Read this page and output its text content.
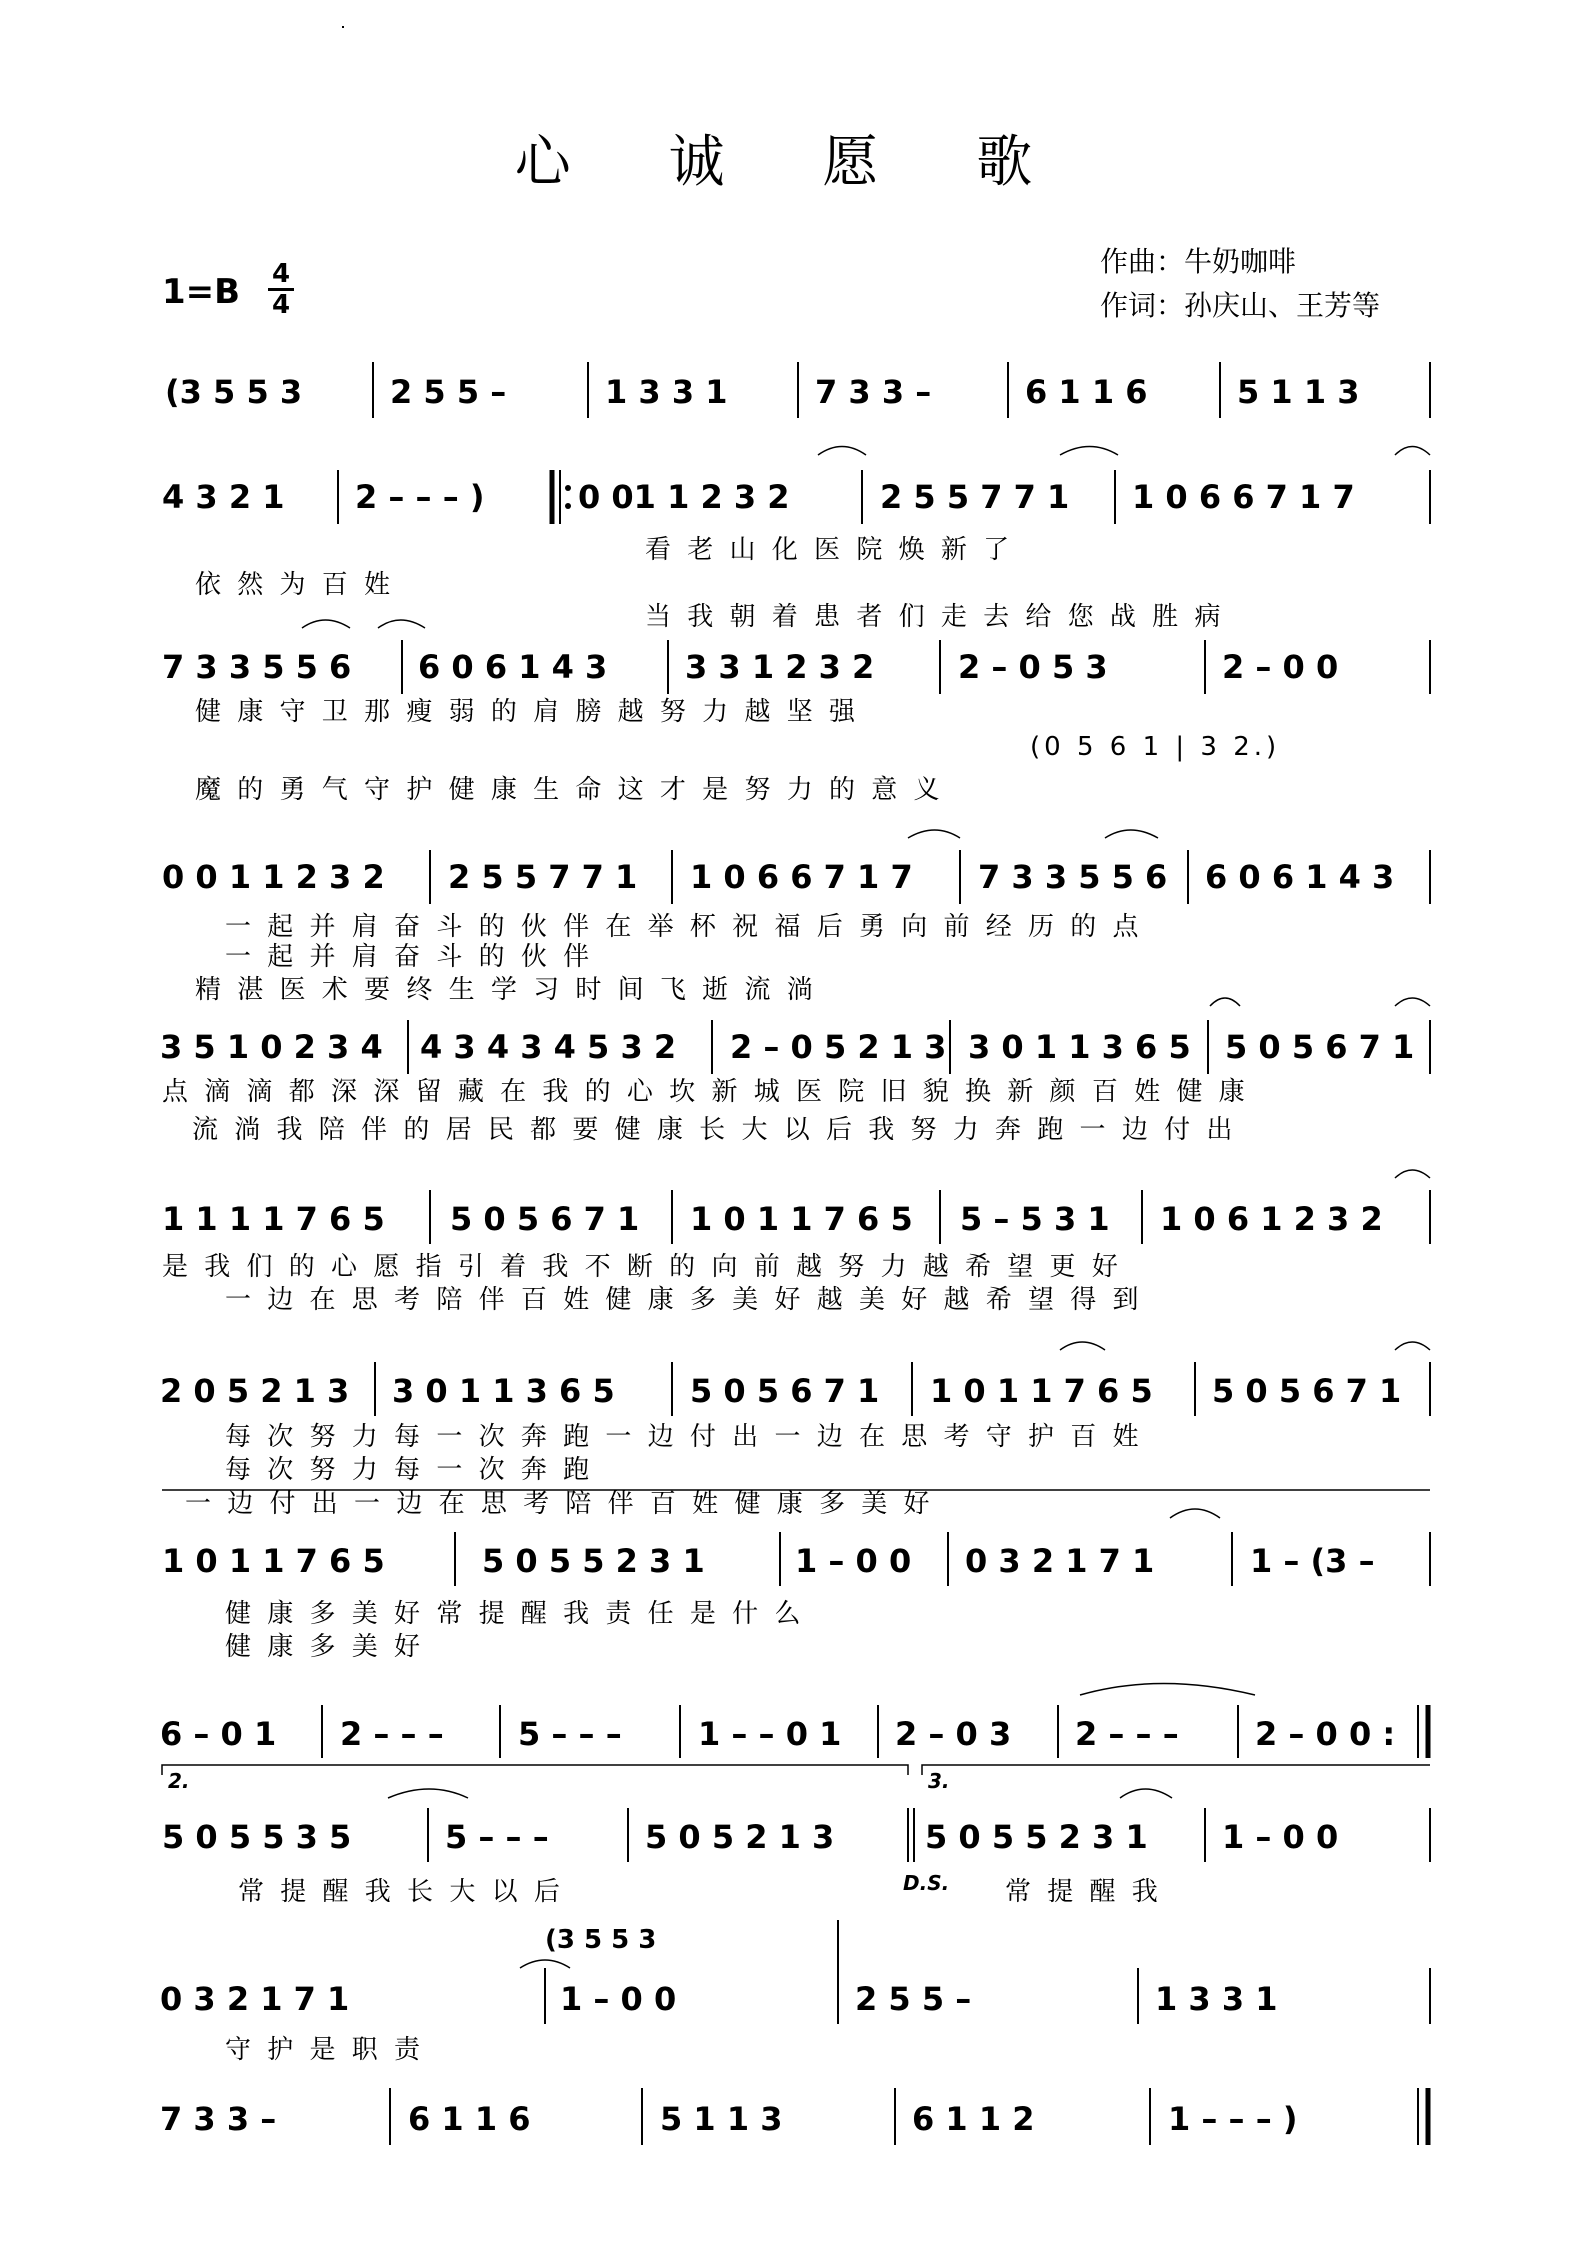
心 诚 愿 歌
1=B 4
4
作曲：牛奶咖啡
作词：孙庆山、王芳等
(3 5 5 3	2 5 5 –	1 3 3 1	7 3 3 –	6 1 1 6	5 1 1 3
4 3 2 1 2 – – – )	0 01 1 2 3 2	2 5 5 7 7 1 1 0 6 6 7 1 7
看 老 山 化 医 院 焕 新 了
依 然 为 百 姓
当 我 朝 着 患 者 们 走 去 给 您 战 胜 病
7 3 3 5 5 6 6 0 6 1 4 3 3 3 1 2 3 2	2 – 0 5 3	2 – 0 0
健 康 守 卫 那 瘦 弱 的 肩 膀 越 努 力 越 坚 强
(0 5 6 1 | 3 2.)
魔 的 勇 气 守 护 健 康 生 命 这 才 是 努 力 的 意 义
0 0 1 1 2 3 2 2 5 5 7 7 1 1 0 6 6 7 1 7 7 3 3 5 5 6 6 0 6 1 4 3
一 起 并 肩 奋 斗 的 伙 伴 在 举 杯 祝 福 后 勇 向 前 经 历 的 点
一 起 并 肩 奋 斗 的 伙 伴
精 湛 医 术 要 终 生 学 习 时 间 飞 逝 流 淌
3 5 1 0 2 3 4 4 3 4 3 4 5 3 2 2 – 0 5 2 1 3 3 0 1 1 3 6 5 5 0 5 6 7 1
点 滴 滴 都 深 深 留 藏 在 我 的 心 坎 新 城 医 院 旧 貌 换 新 颜 百 姓 健 康
流 淌 我 陪 伴 的 居 民 都 要 健 康 长 大 以 后 我 努 力 奔 跑 一 边 付 出
1 1 1 1 7 6 5 5 0 5 6 7 1 1 0 1 1 7 6 5 5 – 5 3 1 1 0 6 1 2 3 2
是 我 们 的 心 愿 指 引 着 我 不 断 的 向 前 越 努 力 越 希 望 更 好
一 边 在 思 考 陪 伴 百 姓 健 康 多 美 好 越 美 好 越 希 望 得 到
2 0 5 2 1 3 3 0 1 1 3 6 5 5 0 5 6 7 1 1 0 1 1 7 6 5 5 0 5 6 7 1
每 次 努 力 每 一 次 奔 跑 一 边 付 出 一 边 在 思 考 守 护 百 姓
每 次 努 力 每 一 次 奔 跑
一 边 付 出 一 边 在 思 考 陪 伴 百 姓 健 康 多 美 好
1 0 1 1 7 6 5	5 0 5 5 2 3 1	1 – 0 0 0 3 2 1 7 1	1 – (3 –
健 康 多 美 好 常 提 醒 我 责 任 是 什 么
健 康 多 美 好
6 – 0 1 2 – – – 5 – – – 1 – – 0 1 2 – 0 3 2 – – – 2 – 0 0 :
2.	3.
5 0 5 5 3 5	5 – – –	5 0 5 2 1 3	5 0 5 5 2 3 1 1 – 0 0
常 提 醒 我 长 大 以 后	D.S. 常 提 醒 我
(3 5 5 3
0 3 2 1 7 1	1 – 0 0	2 5 5 –	1 3 3 1
守 护 是 职 责
7 3 3 –	6 1 1 6	5 1 1 3	6 1 1 2	1 – – – )
